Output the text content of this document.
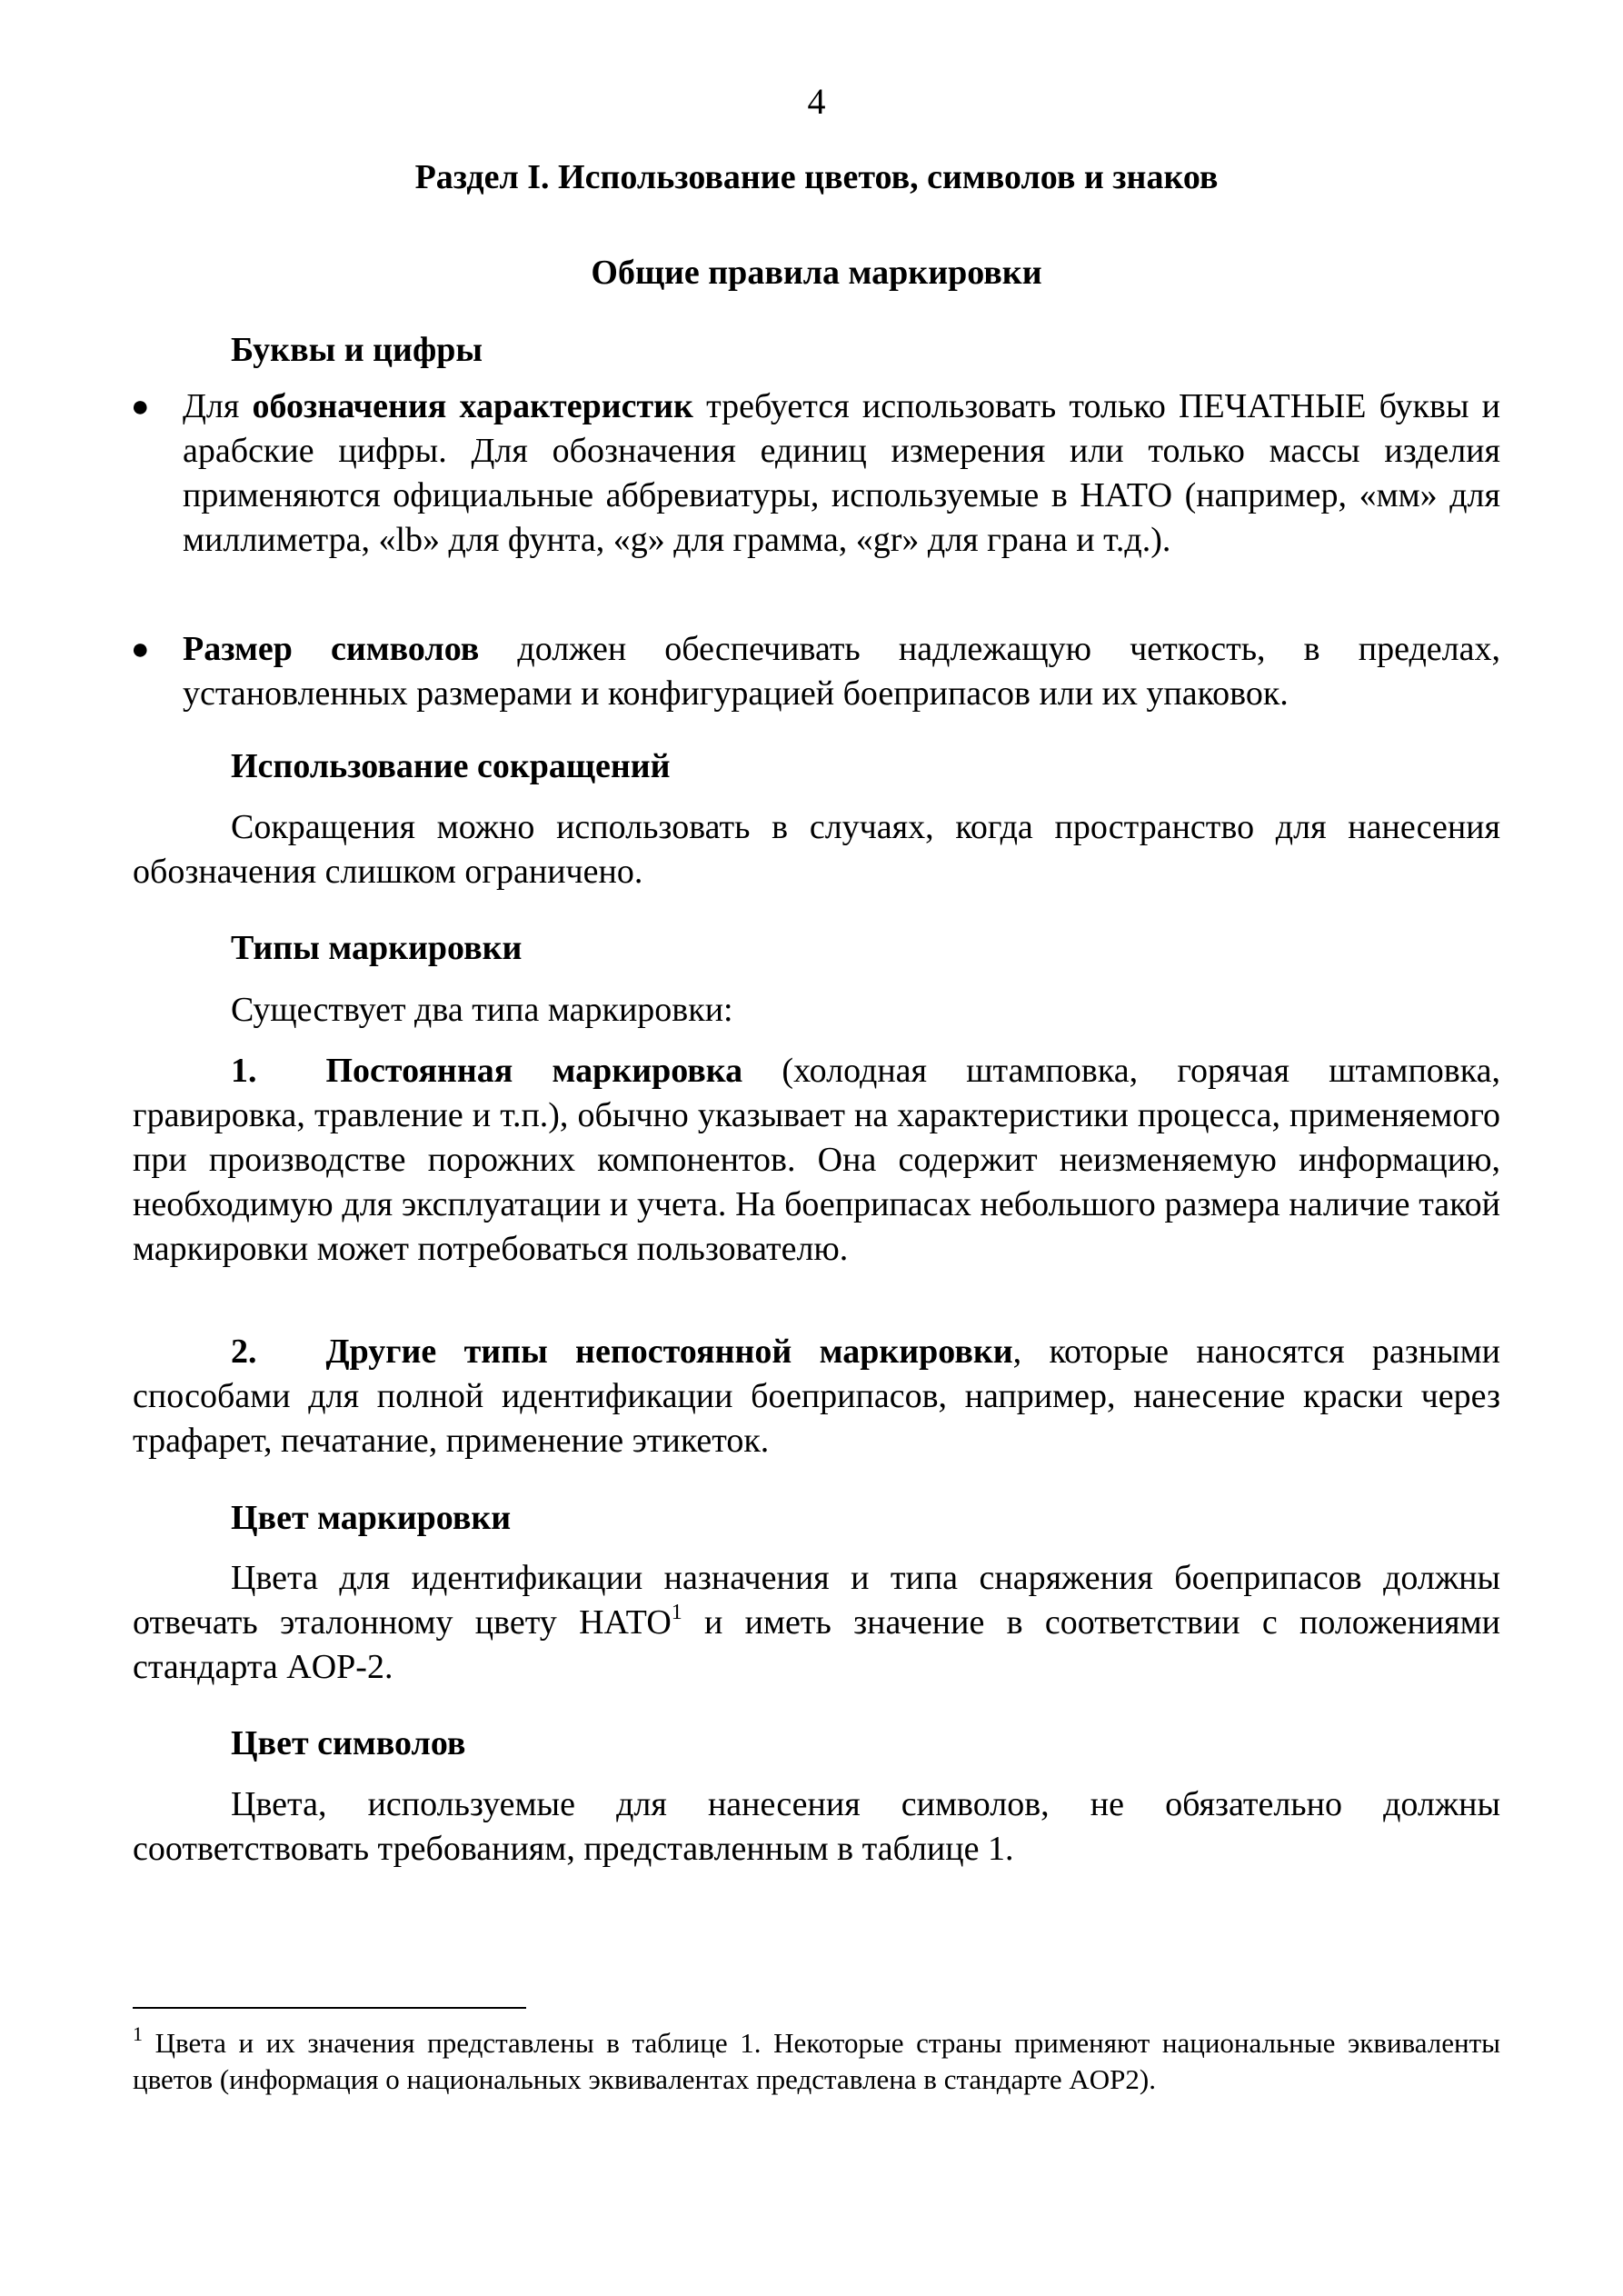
4
Раздел I. Использование цветов, символов и знаков
Общие правила маркировки
Буквы и цифры
● Для обозначения характеристик требуется использовать только ПЕЧАТНЫЕ буквы и арабские цифры. Для обозначения единиц измерения или только массы изделия применяются официальные аббревиатуры, используемые в НАТО (например, «мм» для миллиметра, «lb» для фунта, «g» для грамма, «gr» для грана и т.д.).
● Размер символов должен обеспечивать надлежащую четкость, в пределах, установленных размерами и конфигурацией боеприпасов или их упаковок.
Использование сокращений
Сокращения можно использовать в случаях, когда пространство для нанесения обозначения слишком ограничено.
Типы маркировки
Существует два типа маркировки:
1. Постоянная маркировка (холодная штамповка, горячая штамповка, гравировка, травление и т.п.), обычно указывает на характеристики процесса, применяемого при производстве порожних компонентов. Она содержит неизменяемую информацию, необходимую для эксплуатации и учета. На боеприпасах небольшого размера наличие такой маркировки может потребоваться пользователю.
2. Другие типы непостоянной маркировки, которые наносятся разными способами для полной идентификации боеприпасов, например, нанесение краски через трафарет, печатание, применение этикеток.
Цвет маркировки
Цвета для идентификации назначения и типа снаряжения боеприпасов должны отвечать эталонному цвету НАТО$^1$ и иметь значение в соответствии с положениями стандарта AOP-2.
Цвет символов
Цвета, используемые для нанесения символов, не обязательно должны соответствовать требованиям, представленным в таблице 1.
$^1$ Цвета и их значения представлены в таблице 1. Некоторые страны применяют национальные эквиваленты цветов (информация о национальных эквивалентах представлена в стандарте AOP2).
